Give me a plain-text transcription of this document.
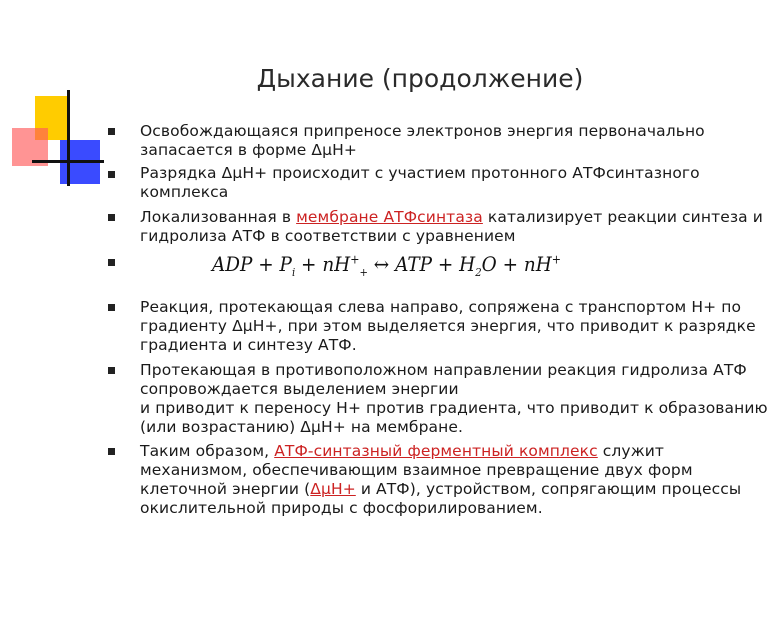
Дыхание (продолжение)
Освобождающаяся припреносе электронов энергия первоначально запасается в форме ΔμН+
Разрядка ΔμН+ происходит с участием протонного АТФсинтазного комплекса
Локализованная в мембране АТФсинтаза катализирует реакции синтеза и гидролиза АТФ в соответствии с уравнением
Реакция, протекающая слева направо, сопряжена с транспортом Н+ по градиенту ΔμН+, при этом выделяется энергия, что приводит к разрядке градиента и синтезу АТФ.
Протекающая в противоположном направлении реакция гидролиза АТФ сопровождается выделением энергии
и приводит к переносу Н+ против градиента, что приводит к образованию (или возрастанию) ΔμН+ на мембране.
Таким образом, АТФ-синтазный ферментный комплекс служит механизмом, обеспечивающим взаимное превращение двух форм клеточной энергии (ΔμН+ и АТФ), устройством, сопрягающим процессы окислительной природы с фосфорилированием.
ADP + $P_i + nH^+_+$ ↔ ATP + $H_2O + nH^+$
